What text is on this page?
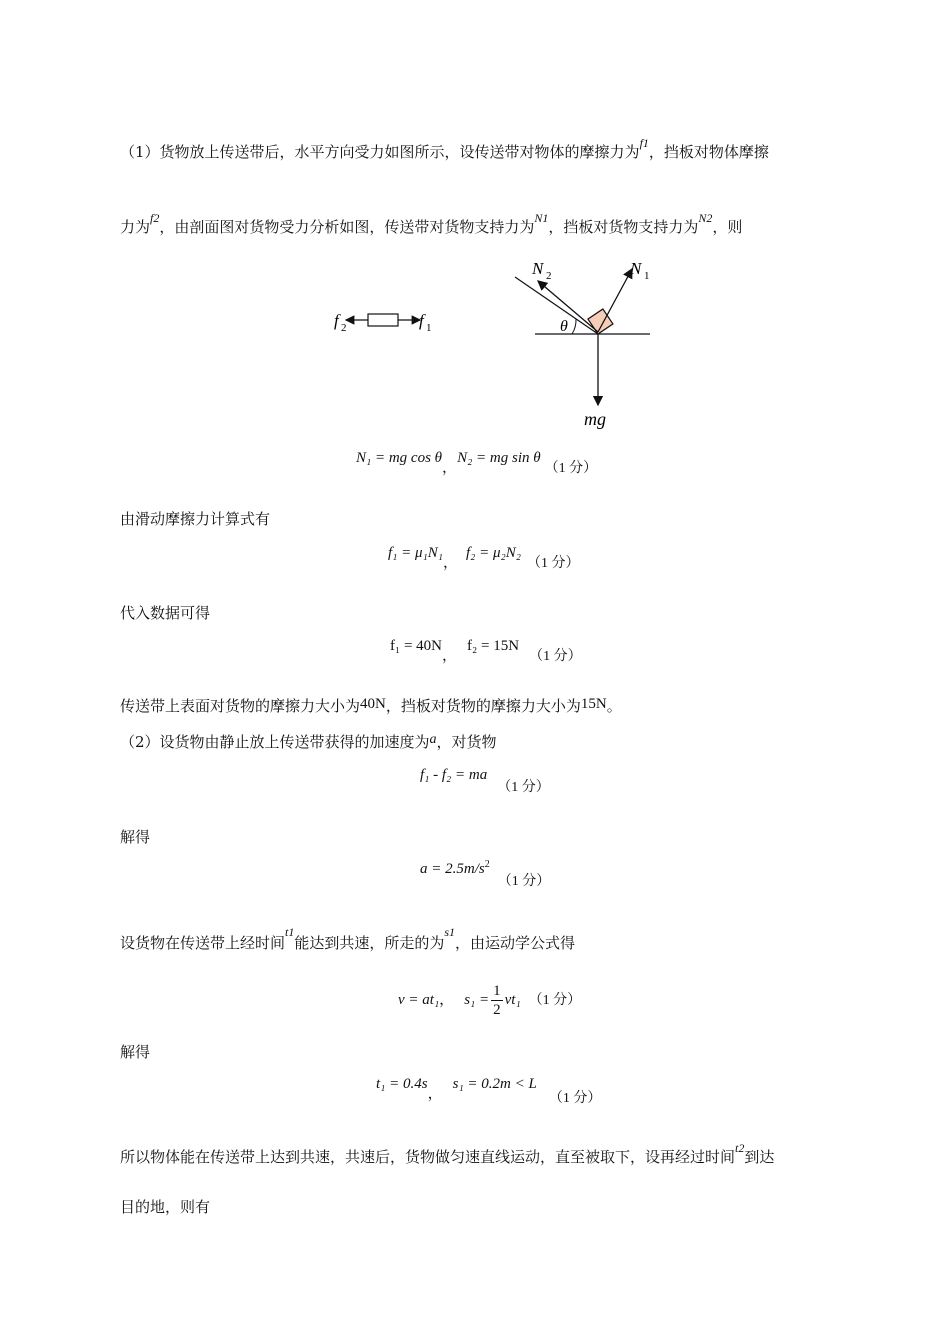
（1）货物放上传送带后，水平方向受力如图所示，设传送带对物体的摩擦力为$^{f1}$，挡板对物体摩擦
力为$^{f2}$，由剖面图对货物受力分析如图，传送带对货物支持力为$^{N1}$，挡板对货物支持力为$^{N2}$，则
f 2	f 1	θ
N 2	N 1
mg
N₁ = mg cos θ，N₂ = mg sin θ（1 分）
由滑动摩擦力计算式有
f₁ = μ₁N₁，f₂ = μ₂N₂（1 分）
代入数据可得
f₁ = 40N，f₂ = 15N（1 分）
传送带上表面对货物的摩擦力大小为40N，挡板对货物的摩擦力大小为15N。
（2）设货物由静止放上传送带获得的加速度为a，对货物
f₁ - f₂ = ma（1 分）
解得
$a = 2.5m/s^2(1$ 分）
设货物在传送带上经时间$^{t1}$能达到共速，所走的为$^{s1}$，由运动学公式得
v = at₁， $s_1 = \frac{1}{2} vt_1$ （1 分）
解得
t₁ = 0.4s，s₁ = 0.2m < L（1 分）
所以物体能在传送带上达到共速，共速后，货物做匀速直线运动，直至被取下，设再经过时间$^{t2}$到达
目的地，则有
